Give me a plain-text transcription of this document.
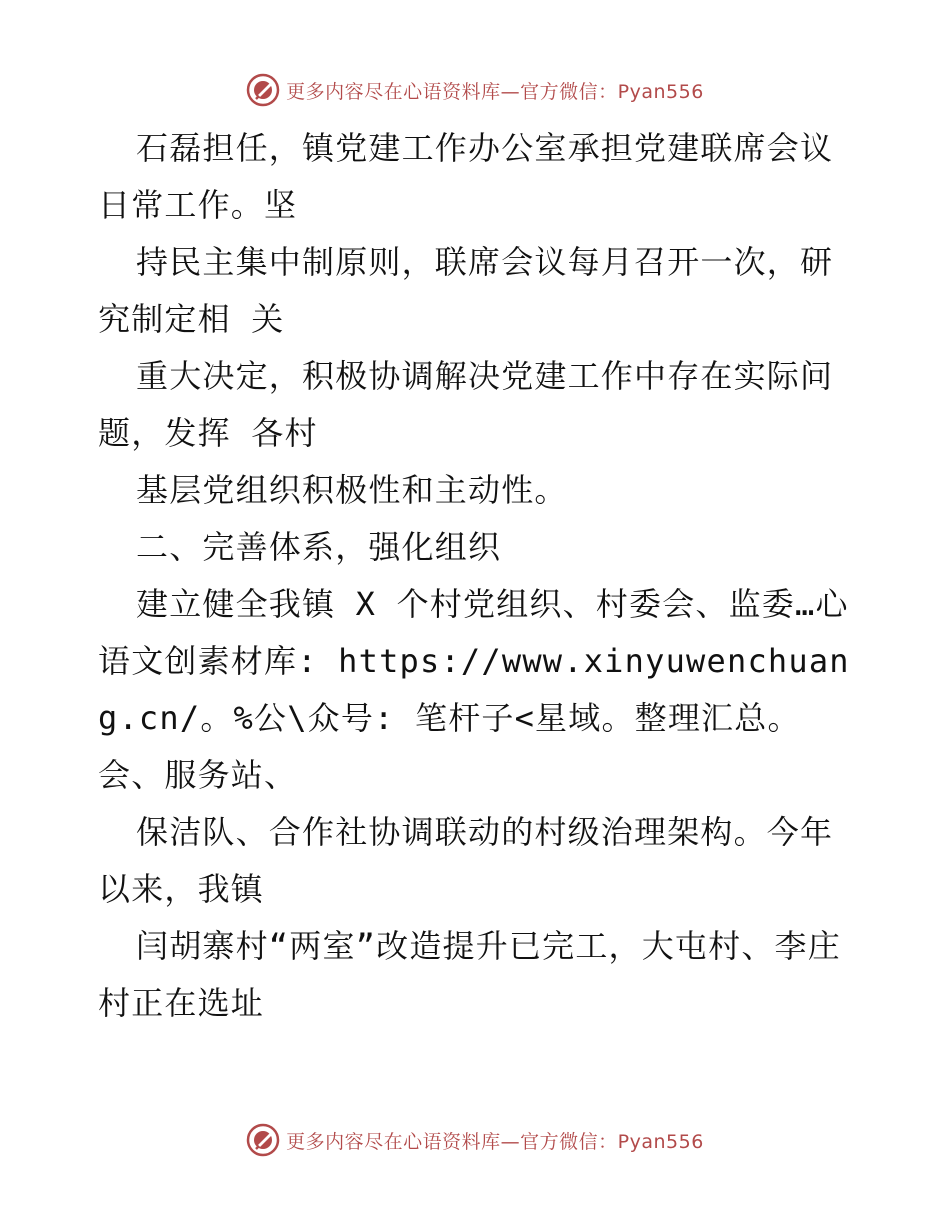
更多内容尽在心语资料库—官方微信：Pyan556

石磊担任，镇党建工作办公室承担党建联席会议日常工作。坚

持民主集中制原则，联席会议每月召开一次，研究制定相 关

重大决定，积极协调解决党建工作中存在实际问题，发挥 各村

基层党组织积极性和主动性。

二、完善体系，强化组织

建立健全我镇 X 个村党组织、村委会、监委…心语文创素材库: https://www.xinyuwenchuang.cn/。%公\众号: 笔杆子<星域。整理汇总。会、服务站、

保洁队、合作社协调联动的村级治理架构。今年以来，我镇

闫胡寨村“两室”改造提升已完工，大屯村、李庄村正在选址

更多内容尽在心语资料库—官方微信：Pyan556
